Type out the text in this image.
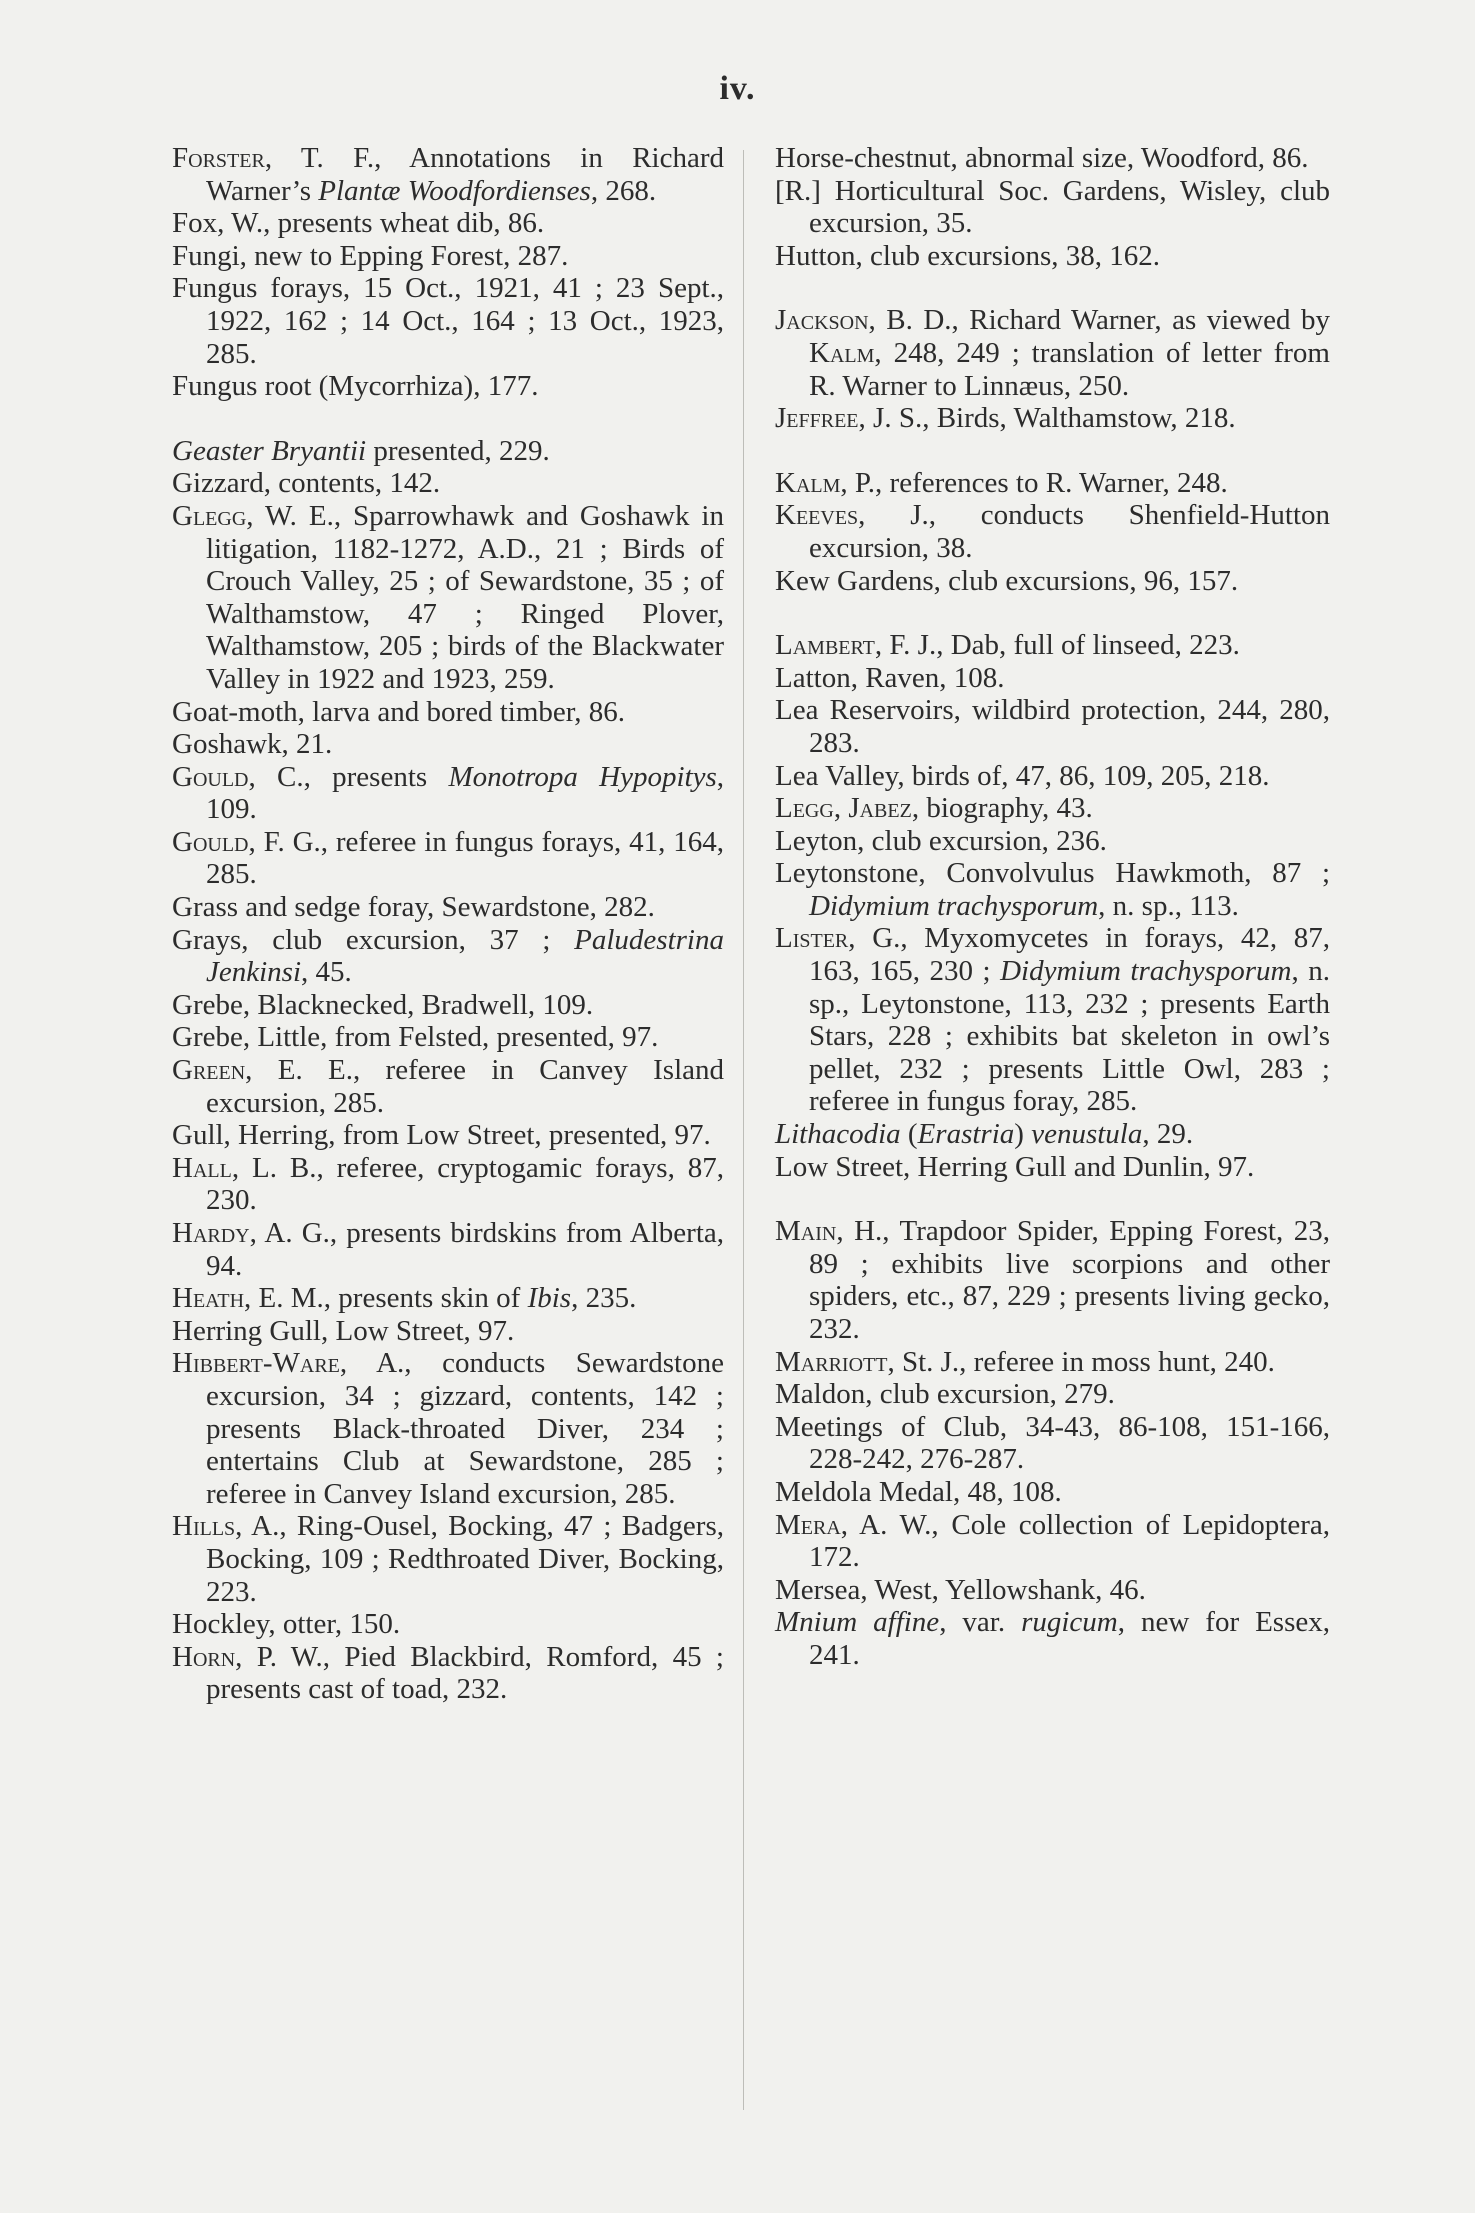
iv.
Forster, T. F., Annotations in Richard Warner’s Plantæ Woodfordienses, 268.
Fox, W., presents wheat dib, 86.
Fungi, new to Epping Forest, 287.
Fungus forays, 15 Oct., 1921, 41 ; 23 Sept., 1922, 162 ; 14 Oct., 164 ; 13 Oct., 1923, 285.
Fungus root (Mycorrhiza), 177.
Geaster Bryantii presented, 229.
Gizzard, contents, 142.
Glegg, W. E., Sparrowhawk and Goshawk in litigation, 1182-1272, A.D., 21 ; Birds of Crouch Valley, 25 ; of Sewardstone, 35 ; of Walthamstow, 47 ; Ringed Plover, Walthamstow, 205 ; birds of the Blackwater Valley in 1922 and 1923, 259.
Goat-moth, larva and bored timber, 86.
Goshawk, 21.
Gould, C., presents Monotropa Hypopitys, 109.
Gould, F. G., referee in fungus forays, 41, 164, 285.
Grass and sedge foray, Sewardstone, 282.
Grays, club excursion, 37 ; Paludestrina Jenkinsi, 45.
Grebe, Blacknecked, Bradwell, 109.
Grebe, Little, from Felsted, presented, 97.
Green, E. E., referee in Canvey Island excursion, 285.
Gull, Herring, from Low Street, presented, 97.
Hall, L. B., referee, cryptogamic forays, 87, 230.
Hardy, A. G., presents birdskins from Alberta, 94.
Heath, E. M., presents skin of Ibis, 235.
Herring Gull, Low Street, 97.
Hibbert-Ware, A., conducts Sewardstone excursion, 34 ; gizzard, contents, 142 ; presents Black-throated Diver, 234 ; entertains Club at Sewardstone, 285 ; referee in Canvey Island excursion, 285.
Hills, A., Ring-Ousel, Bocking, 47 ; Badgers, Bocking, 109 ; Redthroated Diver, Bocking, 223.
Hockley, otter, 150.
Horn, P. W., Pied Blackbird, Romford, 45 ; presents cast of toad, 232.
Horse-chestnut, abnormal size, Woodford, 86.
[R.] Horticultural Soc. Gardens, Wisley, club excursion, 35.
Hutton, club excursions, 38, 162.
Jackson, B. D., Richard Warner, as viewed by Kalm, 248, 249 ; translation of letter from R. Warner to Linnæus, 250.
Jeffree, J. S., Birds, Walthamstow, 218.
Kalm, P., references to R. Warner, 248.
Keeves, J., conducts Shenfield-Hutton excursion, 38.
Kew Gardens, club excursions, 96, 157.
Lambert, F. J., Dab, full of linseed, 223.
Latton, Raven, 108.
Lea Reservoirs, wildbird protection, 244, 280, 283.
Lea Valley, birds of, 47, 86, 109, 205, 218.
Legg, Jabez, biography, 43.
Leyton, club excursion, 236.
Leytonstone, Convolvulus Hawkmoth, 87 ; Didymium trachysporum, n. sp., 113.
Lister, G., Myxomycetes in forays, 42, 87, 163, 165, 230 ; Didymium trachysporum, n. sp., Leytonstone, 113, 232 ; presents Earth Stars, 228 ; exhibits bat skeleton in owl’s pellet, 232 ; presents Little Owl, 283 ; referee in fungus foray, 285.
Lithacodia (Erastria) venustula, 29.
Low Street, Herring Gull and Dunlin, 97.
Main, H., Trapdoor Spider, Epping Forest, 23, 89 ; exhibits live scorpions and other spiders, etc., 87, 229 ; presents living gecko, 232.
Marriott, St. J., referee in moss hunt, 240.
Maldon, club excursion, 279.
Meetings of Club, 34-43, 86-108, 151-166, 228-242, 276-287.
Meldola Medal, 48, 108.
Mera, A. W., Cole collection of Lepidoptera, 172.
Mersea, West, Yellowshank, 46.
Mnium affine, var. rugicum, new for Essex, 241.
